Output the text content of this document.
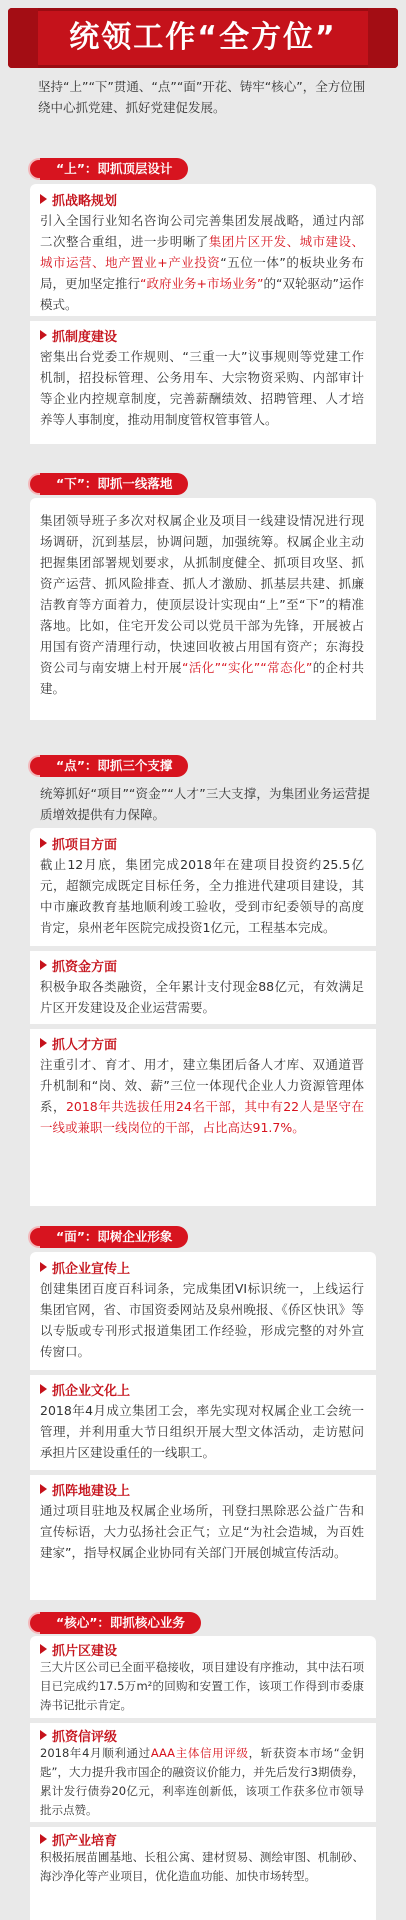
统领工作“全方位”
坚持“上”“下”贯通、“点”“面”开花、铸牢“核心”，全方位围绕中心抓党建、抓好党建促发展。
“上”：即抓顶层设计
抓战略规划
引入全国行业知名咨询公司完善集团发展战略，通过内部二次整合重组，进一步明晰了集团片区开发、城市建设、城市运营、地产置业+产业投资“五位一体”的板块业务布局，更加坚定推行“政府业务+市场业务”的“双轮驱动”运作模式。
抓制度建设
密集出台党委工作规则、“三重一大”议事规则等党建工作机制，招投标管理、公务用车、大宗物资采购、内部审计等企业内控规章制度，完善薪酬绩效、招聘管理、人才培养等人事制度，推动用制度管权管事管人。
“下”：即抓一线落地
集团领导班子多次对权属企业及项目一线建设情况进行现场调研，沉到基层，协调问题，加强统筹。权属企业主动把握集团部署规划要求，从抓制度健全、抓项目攻坚、抓资产运营、抓风险排查、抓人才激励、抓基层共建、抓廉洁教育等方面着力，使顶层设计实现由“上”至“下”的精准落地。比如，住宅开发公司以党员干部为先锋，开展被占用国有资产清理行动，快速回收被占用国有资产；东海投资公司与南安塘上村开展“活化”“实化”“常态化”的企村共建。
“点”：即抓三个支撑
统筹抓好“项目”“资金”“人才”三大支撑，为集团业务运营提质增效提供有力保障。
抓项目方面
截止12月底，集团完成2018年在建项目投资约25.5亿元，超额完成既定目标任务，全力推进代建项目建设，其中市廉政教育基地顺利竣工验收，受到市纪委领导的高度肯定，泉州老年医院完成投资1亿元，工程基本完成。
抓资金方面
积极争取各类融资，全年累计支付现金88亿元，有效满足片区开发建设及企业运营需要。
抓人才方面
注重引才、育才、用才，建立集团后备人才库、双通道晋升机制和“岗、效、薪”三位一体现代企业人力资源管理体系，2018年共选拔任用24名干部，其中有22人是坚守在一线或兼职一线岗位的干部，占比高达91.7%。
“面”：即树企业形象
抓企业宣传上
创建集团百度百科词条，完成集团VI标识统一，上线运行集团官网，省、市国资委网站及泉州晚报、《侨区快讯》等以专版或专刊形式报道集团工作经验，形成完整的对外宣传窗口。
抓企业文化上
2018年4月成立集团工会，率先实现对权属企业工会统一管理，并利用重大节日组织开展大型文体活动，走访慰问承担片区建设重任的一线职工。
抓阵地建设上
通过项目驻地及权属企业场所，刊登扫黑除恶公益广告和宣传标语，大力弘扬社会正气；立足“为社会造城，为百姓建家”，指导权属企业协同有关部门开展创城宣传活动。
“核心”：即抓核心业务
抓片区建设
三大片区公司已全面平稳接收，项目建设有序推动，其中法石项目已完成约17.5万m²的回购和安置工作，该项工作得到市委康涛书记批示肯定。
抓资信评级
2018年4月顺利通过AAA主体信用评级，斩获资本市场“金钥匙”，大力提升我市国企的融资议价能力，并先后发行3期债券，累计发行债券20亿元，利率连创新低，该项工作获多位市领导批示点赞。
抓产业培育
积极拓展苗圃基地、长租公寓、建材贸易、测绘审图、机制砂、海沙净化等产业项目，优化造血功能、加快市场转型。
